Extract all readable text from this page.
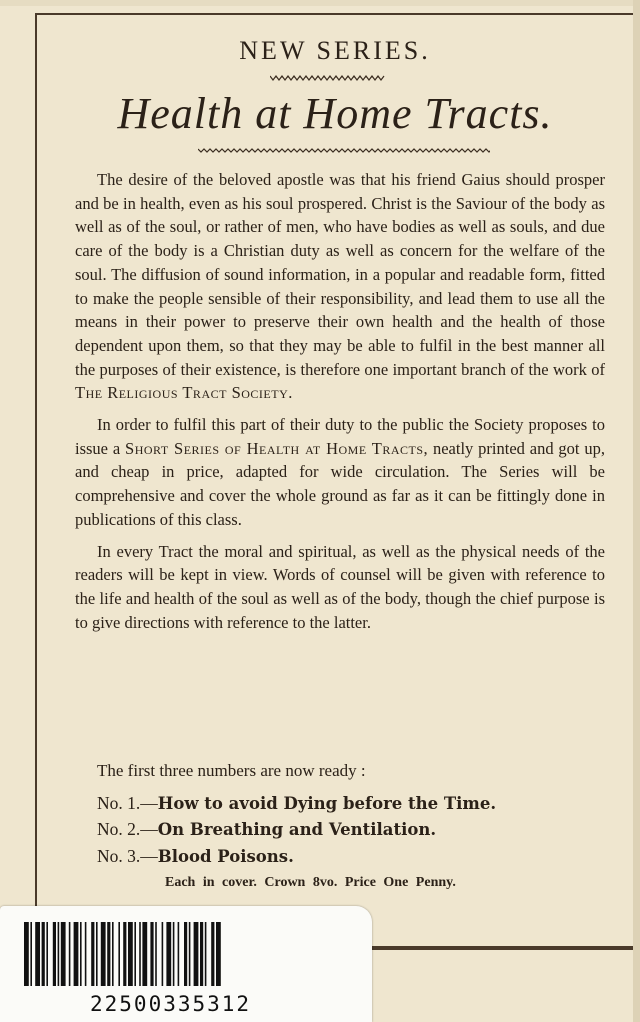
NEW SERIES.
Health at Home Tracts.

The desire of the beloved apostle was that his friend Gaius should prosper and be in health, even as his soul prospered. Christ is the Saviour of the body as well as of the soul, or rather of men, who have bodies as well as souls, and due care of the body is a Christian duty as well as concern for the welfare of the soul. The diffusion of sound information, in a popular and readable form, fitted to make the people sensible of their responsibility, and lead them to use all the means in their power to preserve their own health and the health of those dependent upon them, so that they may be able to fulfil in the best manner all the purposes of their existence, is therefore one important branch of the work of The Religious Tract Society.

In order to fulfil this part of their duty to the public the Society proposes to issue a Short Series of Health at Home Tracts, neatly printed and got up, and cheap in price, adapted for wide circulation. The Series will be comprehensive and cover the whole ground as far as it can be fittingly done in publications of this class.

In every Tract the moral and spiritual, as well as the physical needs of the readers will be kept in view. Words of counsel will be given with reference to the life and health of the soul as well as of the body, though the chief purpose is to give directions with reference to the latter.

The first three numbers are now ready :
No. 1.—How to avoid Dying before the Time.
No. 2.—On Breathing and Ventilation.
No. 3.—Blood Poisons.
Each in cover. Crown 8vo. Price One Penny.
22500335312
